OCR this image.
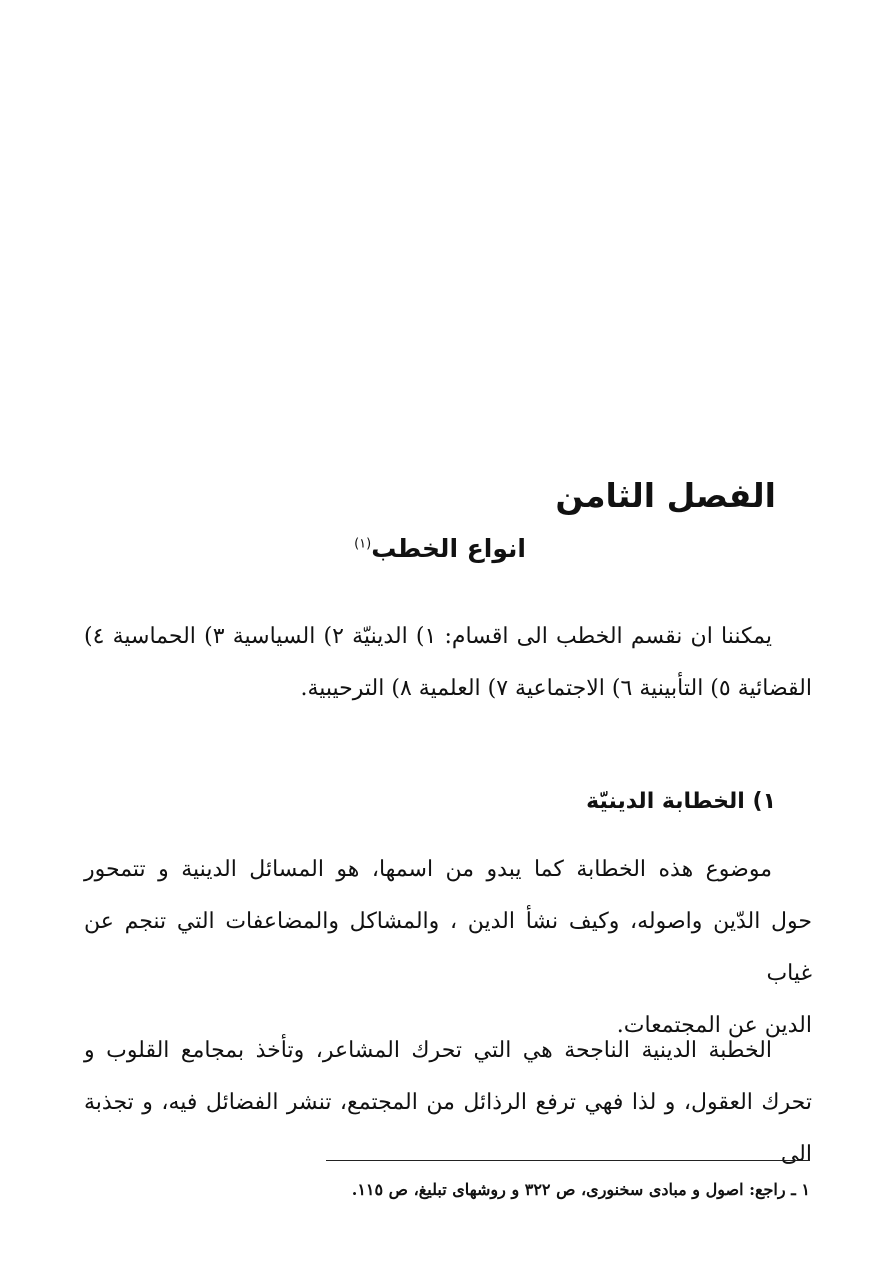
الفصل الثامن
انواع الخطب$^{(١)}$

يمكننا ان نقسم الخطب الى اقسام: ١) الدينيّة ٢) السياسية ٣) الحماسية ٤)
القضائية ٥) التأبينية ٦) الاجتماعية ٧) العلمية ٨) الترحيبية.

١) الخطابة الدينيّة

موضوع هذه الخطابة كما يبدو من اسمها، هو المسائل الدينية و تتمحور
حول الدّين واصوله، وكيف نشأ الدين ، والمشاكل والمضاعفات التي تنجم عن غياب
الدين عن المجتمعات.

الخطبة الدينية الناجحة هي التي تحرك المشاعر، وتأخذ بمجامع القلوب و
تحرك العقول، و لذا فهي ترفع الرذائل من المجتمع، تنشر الفضائل فيه، و تجذبة الى

١ ـ راجع: اصول و مبادى سخنورى، ص ٣٢٢ و روشهاى تبليغ، ص ١١٥.
